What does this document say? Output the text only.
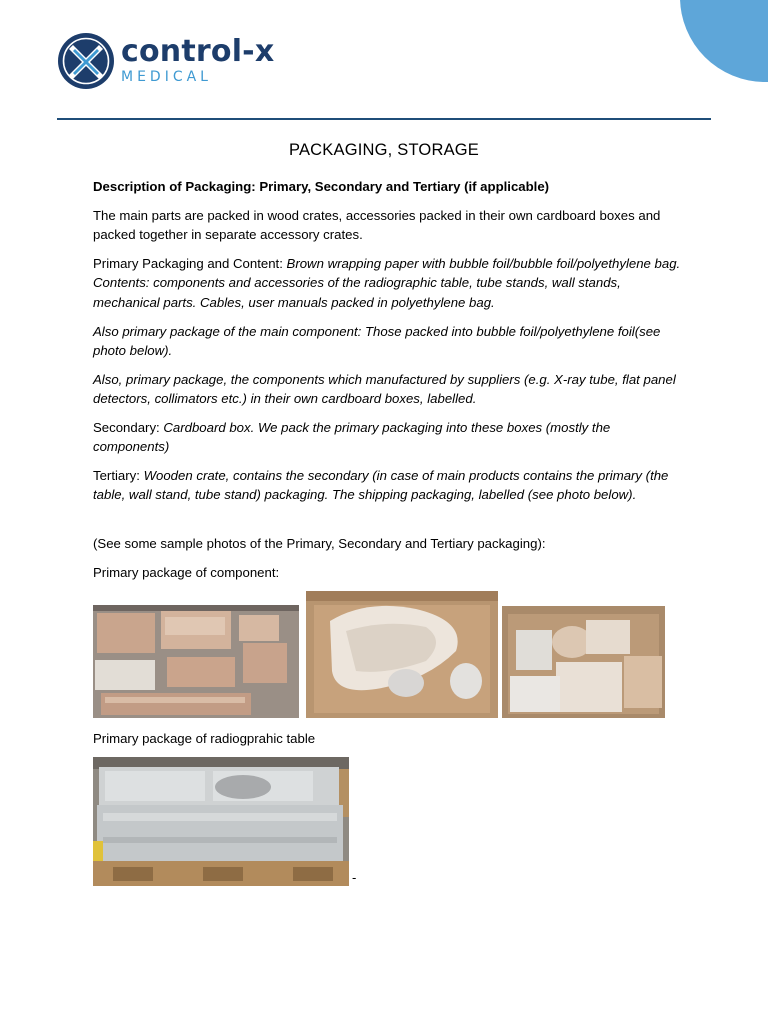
control-x
MEDICAL
PACKAGING, STORAGE
Description of Packaging: Primary, Secondary and Tertiary (if applicable)
The main parts are packed in wood crates, accessories packed in their own cardboard boxes and packed together in separate accessory crates.
Primary Packaging and Content: Brown wrapping paper with bubble foil/bubble foil/polyethylene bag. Contents: components and accessories of the radiographic table, tube stands, wall stands, mechanical parts. Cables, user manuals packed in polyethylene bag.
Also primary package of the main component: Those packed into bubble foil/polyethylene foil(see photo below).
Also, primary package, the components which manufactured by suppliers (e.g. X-ray tube, flat panel detectors, collimators etc.) in their own cardboard boxes, labelled.
Secondary: Cardboard box. We pack the primary packaging into these boxes (mostly the components)
Tertiary: Wooden crate, contains the secondary (in case of main products contains the primary (the table, wall stand, tube stand) packaging. The shipping packaging, labelled (see photo below).
(See some sample photos of the Primary, Secondary and Tertiary packaging):
Primary package of component:
Primary package of radiogprahic table
-
